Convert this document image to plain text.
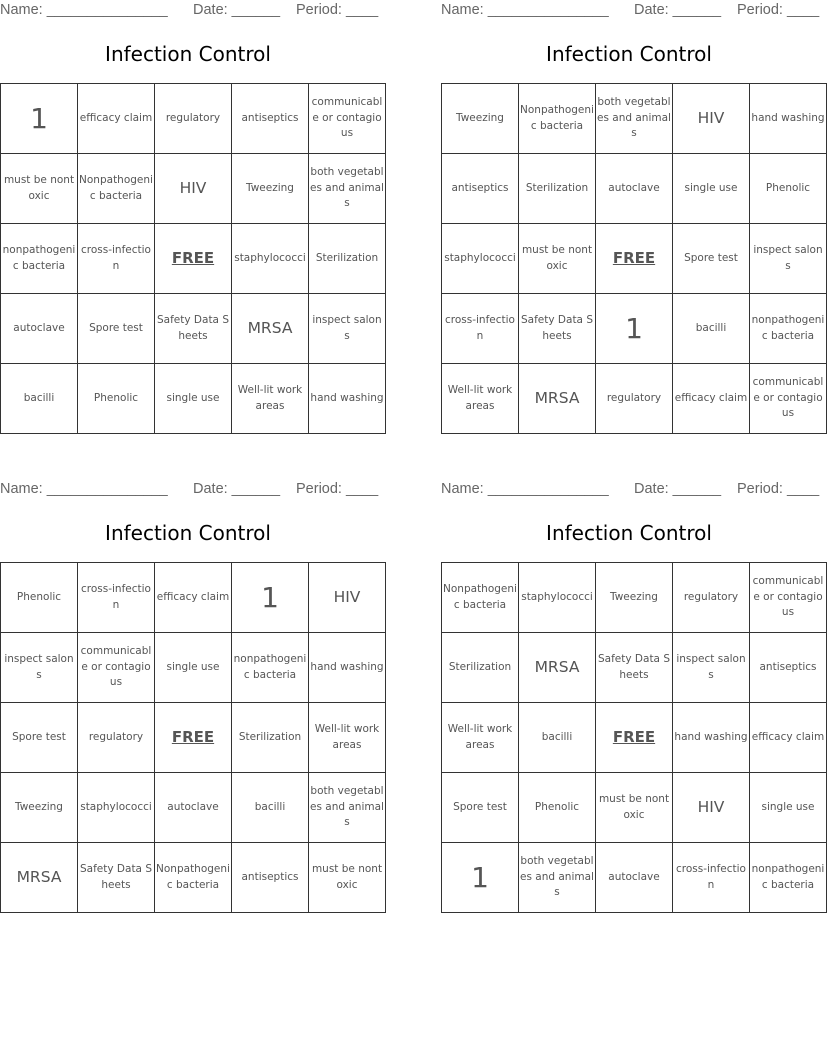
Name: _______________ Date: ______ Period: ____
Infection Control
1	efficacy claim	regulatory	antiseptics	communicable or contagious
must be nontoxic	Nonpathogenic bacteria	HIV	Tweezing	both vegetables and animals
nonpathogenic bacteria	cross-infection	FREE	staphylococci	Sterilization
autoclave	Spore test	Safety Data Sheets	MRSA	inspect salons
bacilli	Phenolic	single use	Well-lit work areas	hand washing
Name: _______________ Date: ______ Period: ____
Infection Control
Tweezing	Nonpathogenic bacteria	both vegetables and animals	HIV	hand washing
antiseptics	Sterilization	autoclave	single use	Phenolic
staphylococci	must be nontoxic	FREE	Spore test	inspect salons
cross-infection	Safety Data Sheets	1	bacilli	nonpathogenic bacteria
Well-lit work areas	MRSA	regulatory	efficacy claim	communicable or contagious
Name: _______________ Date: ______ Period: ____
Infection Control
Phenolic	cross-infection	efficacy claim	1	HIV
inspect salons	communicable or contagious	single use	nonpathogenic bacteria	hand washing
Spore test	regulatory	FREE	Sterilization	Well-lit work areas
Tweezing	staphylococci	autoclave	bacilli	both vegetables and animals
MRSA	Safety Data Sheets	Nonpathogenic bacteria	antiseptics	must be nontoxic
Name: _______________ Date: ______ Period: ____
Infection Control
Nonpathogenic bacteria	staphylococci	Tweezing	regulatory	communicable or contagious
Sterilization	MRSA	Safety Data Sheets	inspect salons	antiseptics
Well-lit work areas	bacilli	FREE	hand washing	efficacy claim
Spore test	Phenolic	must be nontoxic	HIV	single use
1	both vegetables and animals	autoclave	cross-infection	nonpathogenic bacteria
